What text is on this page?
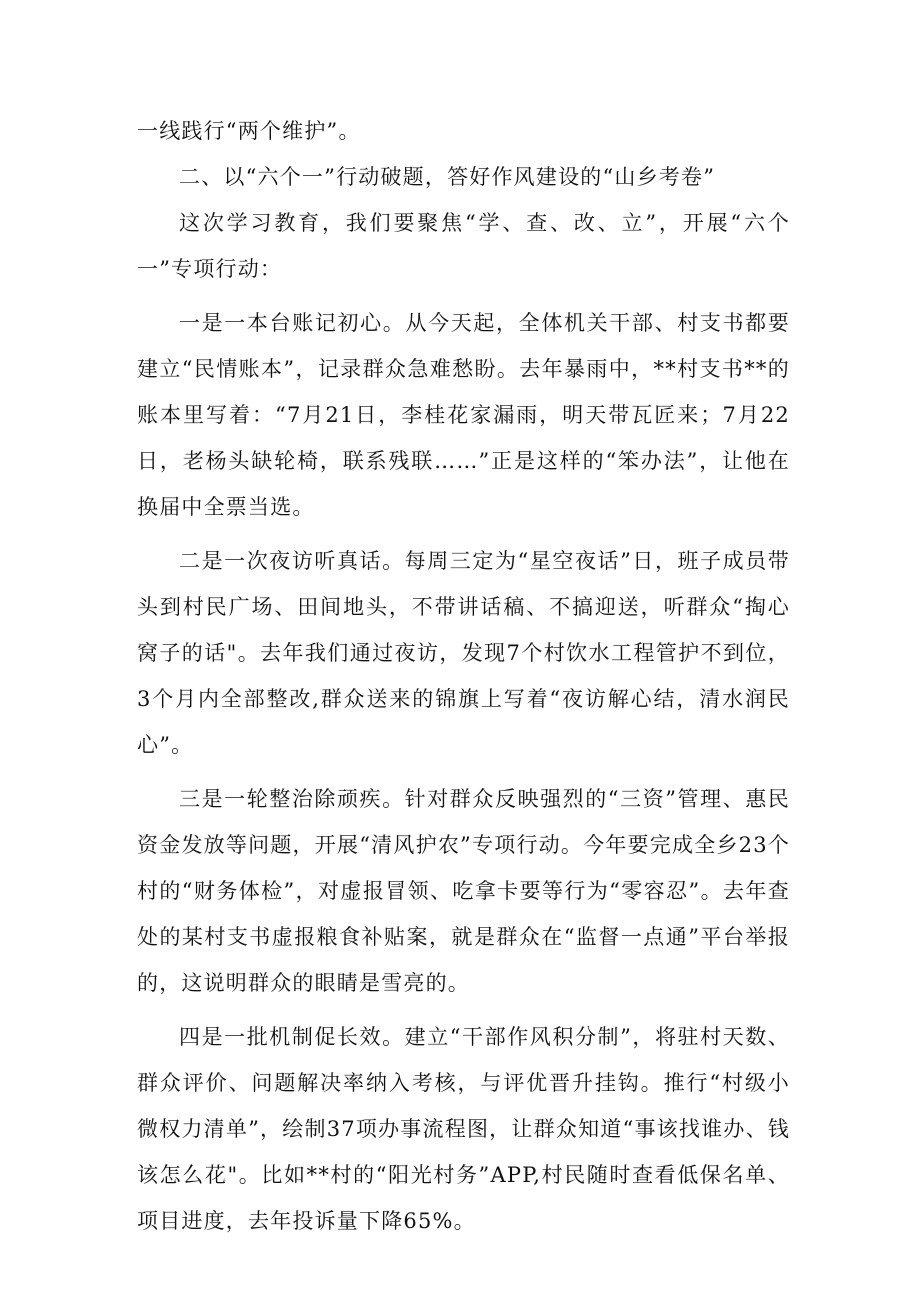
一线践行“两个维护”。

二、以“六个一”行动破题，答好作风建设的“山乡考卷”

这次学习教育，我们要聚焦“学、查、改、立”，开展“六个一”专项行动：

一是一本台账记初心。从今天起，全体机关干部、村支书都要建立“民情账本”，记录群众急难愁盼。去年暴雨中，**村支书**的账本里写着：“7月21日，李桂花家漏雨，明天带瓦匠来；7月22日，老杨头缺轮椅，联系残联……”正是这样的“笨办法”，让他在换届中全票当选。

二是一次夜访听真话。每周三定为“星空夜话”日，班子成员带头到村民广场、田间地头，不带讲话稿、不搞迎送，听群众“掏心窝子的话"。去年我们通过夜访，发现7个村饮水工程管护不到位，3个月内全部整改,群众送来的锦旗上写着“夜访解心结，清水润民心”。

三是一轮整治除顽疾。针对群众反映强烈的“三资”管理、惠民资金发放等问题，开展“清风护农”专项行动。今年要完成全乡23个村的“财务体检”，对虚报冒领、吃拿卡要等行为“零容忍”。去年查处的某村支书虚报粮食补贴案，就是群众在“监督一点通”平台举报的，这说明群众的眼睛是雪亮的。

四是一批机制促长效。建立“干部作风积分制”，将驻村天数、群众评价、问题解决率纳入考核，与评优晋升挂钩。推行“村级小微权力清单”，绘制37项办事流程图，让群众知道“事该找谁办、钱该怎么花"。比如**村的“阳光村务”APP,村民随时查看低保名单、项目进度，去年投诉量下降65%。
